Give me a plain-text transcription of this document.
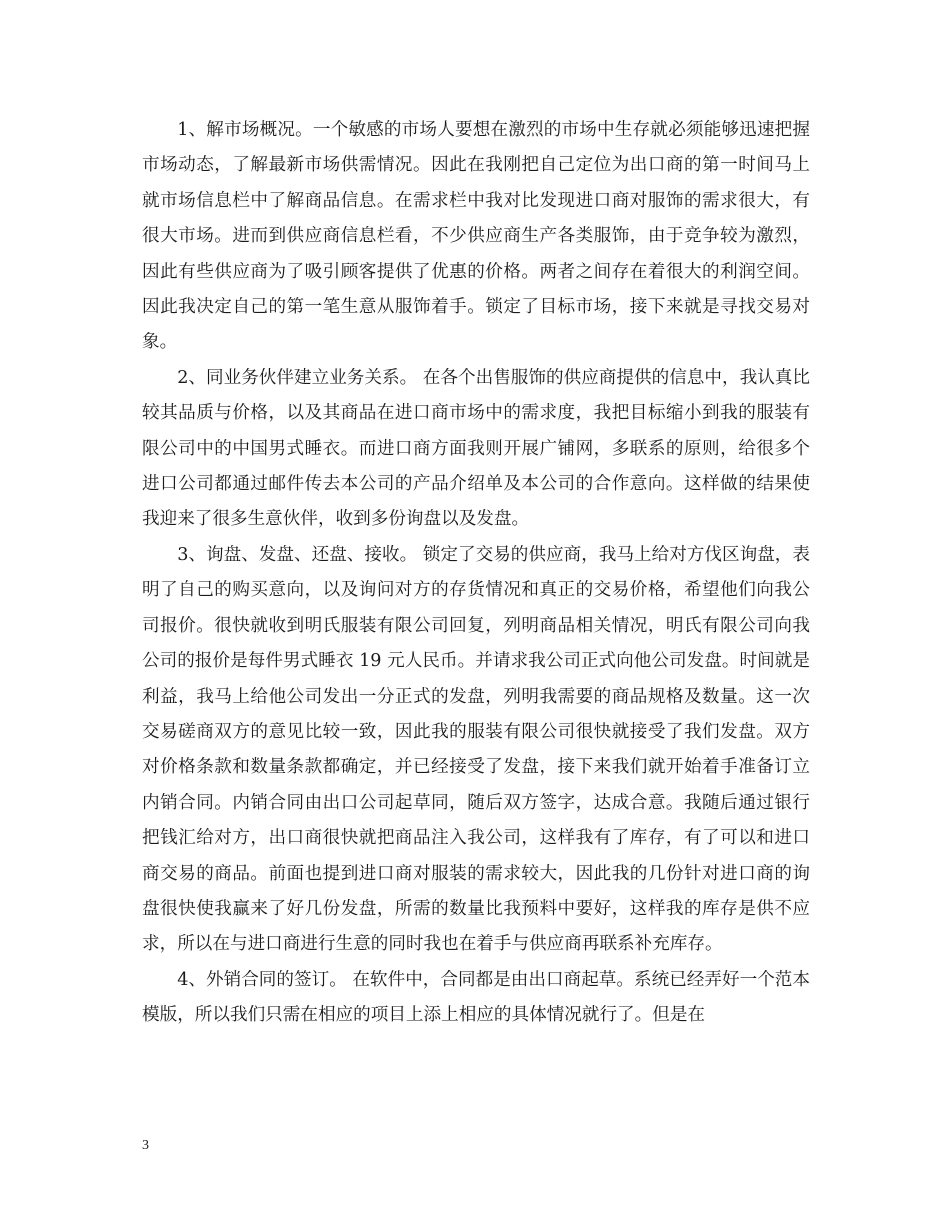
1、解市场概况。一个敏感的市场人要想在激烈的市场中生存就必须能够迅速把握市场动态，了解最新市场供需情况。因此在我刚把自己定位为出口商的第一时间马上就市场信息栏中了解商品信息。在需求栏中我对比发现进口商对服饰的需求很大，有很大市场。进而到供应商信息栏看，不少供应商生产各类服饰，由于竞争较为激烈，因此有些供应商为了吸引顾客提供了优惠的价格。两者之间存在着很大的利润空间。因此我决定自己的第一笔生意从服饰着手。锁定了目标市场，接下来就是寻找交易对象。

2、同业务伙伴建立业务关系。 在各个出售服饰的供应商提供的信息中，我认真比较其品质与价格，以及其商品在进口商市场中的需求度，我把目标缩小到我的服装有限公司中的中国男式睡衣。而进口商方面我则开展广铺网，多联系的原则，给很多个进口公司都通过邮件传去本公司的产品介绍单及本公司的合作意向。这样做的结果使我迎来了很多生意伙伴，收到多份询盘以及发盘。

3、询盘、发盘、还盘、接收。 锁定了交易的供应商，我马上给对方伐区询盘，表明了自己的购买意向，以及询问对方的存货情况和真正的交易价格，希望他们向我公司报价。很快就收到明氏服装有限公司回复，列明商品相关情况，明氏有限公司向我公司的报价是每件男式睡衣 19 元人民币。并请求我公司正式向他公司发盘。时间就是利益，我马上给他公司发出一分正式的发盘，列明我需要的商品规格及数量。这一次交易磋商双方的意见比较一致，因此我的服装有限公司很快就接受了我们发盘。双方对价格条款和数量条款都确定，并已经接受了发盘，接下来我们就开始着手准备订立内销合同。内销合同由出口公司起草同，随后双方签字，达成合意。我随后通过银行把钱汇给对方，出口商很快就把商品注入我公司，这样我有了库存，有了可以和进口商交易的商品。前面也提到进口商对服装的需求较大，因此我的几份针对进口商的询盘很快使我赢来了好几份发盘，所需的数量比我预料中要好，这样我的库存是供不应求，所以在与进口商进行生意的同时我也在着手与供应商再联系补充库存。

4、外销合同的签订。 在软件中，合同都是由出口商起草。系统已经弄好一个范本模版，所以我们只需在相应的项目上添上相应的具体情况就行了。但是在

3
